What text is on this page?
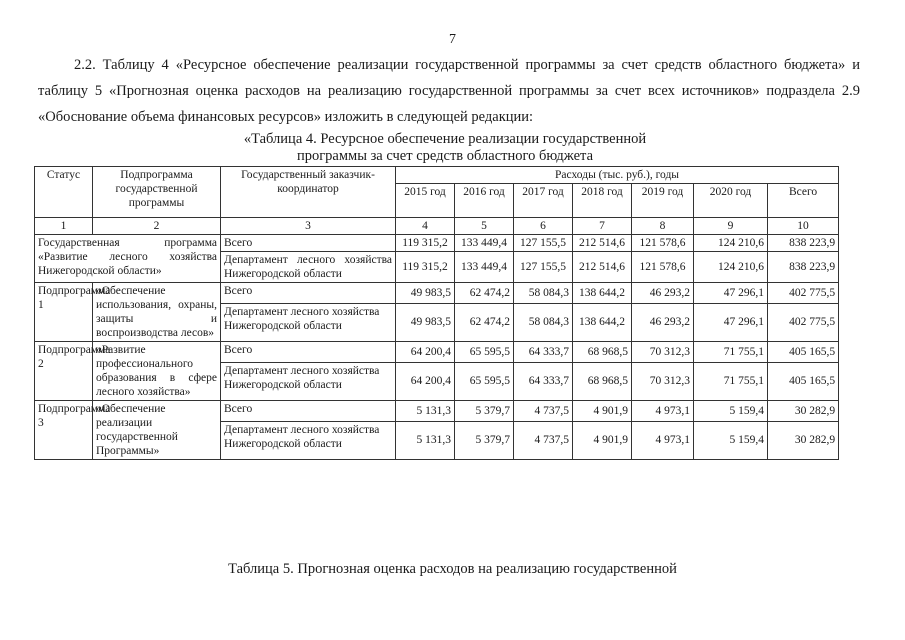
7
2.2. Таблицу 4 «Ресурсное обеспечение реализации государственной программы за счет средств областного бюджета» и таблицу 5 «Прогнозная оценка расходов на реализацию государственной программы за счет всех источников» подраздела 2.9 «Обоснование объема финансовых ресурсов» изложить в следующей редакции:
«Таблица 4. Ресурсное обеспечение реализации государственной
программы за счет средств областного бюджета
Статус	Подпрограмма государственной программы	Государственный заказчик-координатор	Расходы (тыс. руб.), годы						
			2015 год	2016 год	2017 год	2018 год	2019 год	2020 год	Всего
1	2	3	4	5	6	7	8	9	10
Государственная программа «Развитие лесного хозяйства Нижегородской области»		Всего	119 315,2	133 449,4	127 155,5	212 514,6	121 578,6	124 210,6	838 223,9
		Департамент лесного хозяйства Нижегородской области	119 315,2	133 449,4	127 155,5	212 514,6	121 578,6	124 210,6	838 223,9
Подпрограмма 1	«Обеспечение использования, охраны, защиты и воспроизводства лесов»	Всего	49 983,5	62 474,2	58 084,3	138 644,2	46 293,2	47 296,1	402 775,5
		Департамент лесного хозяйства Нижегородской области	49 983,5	62 474,2	58 084,3	138 644,2	46 293,2	47 296,1	402 775,5
Подпрограмма 2	«Развитие профессионального образования в сфере лесного хозяйства»	Всего	64 200,4	65 595,5	64 333,7	68 968,5	70 312,3	71 755,1	405 165,5
		Департамент лесного хозяйства Нижегородской области	64 200,4	65 595,5	64 333,7	68 968,5	70 312,3	71 755,1	405 165,5
Подпрограмма 3	«Обеспечение реализации государственной Программы»	Всего	5 131,3	5 379,7	4 737,5	4 901,9	4 973,1	5 159,4	30 282,9
		Департамент лесного хозяйства Нижегородской области	5 131,3	5 379,7	4 737,5	4 901,9	4 973,1	5 159,4	30 282,9
Таблица 5. Прогнозная оценка расходов на реализацию государственной
